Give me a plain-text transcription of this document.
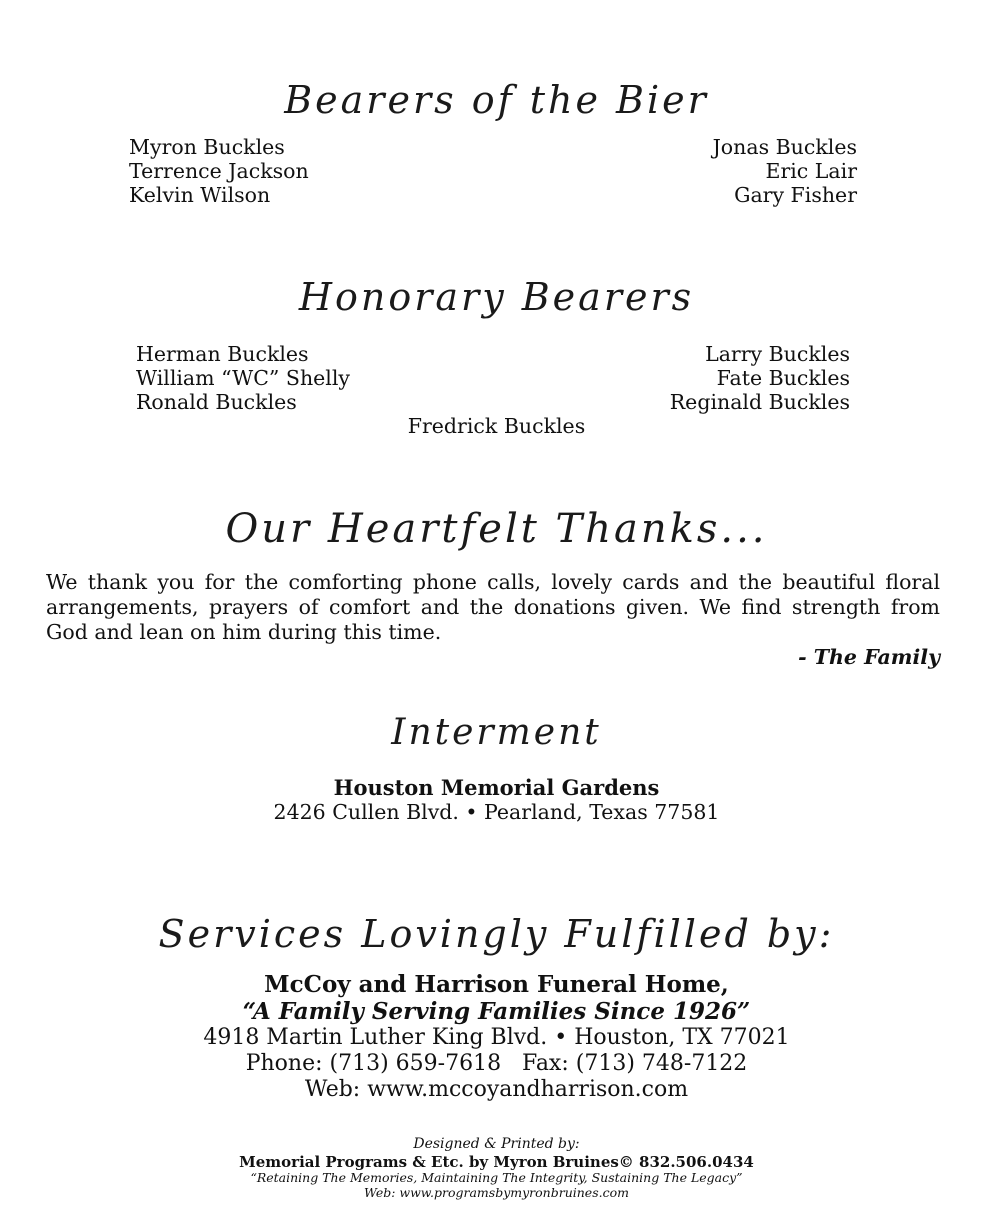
Bearers of the Bier
Myron Buckles
Terrence Jackson
Kelvin Wilson
Jonas Buckles
Eric Lair
Gary Fisher
Honorary Bearers
Herman Buckles
William “WC” Shelly
Ronald Buckles
Larry Buckles
Fate Buckles
Reginald Buckles
Fredrick Buckles
Our Heartfelt Thanks...
We thank you for the comforting phone calls, lovely cards and the beautiful floral arrangements, prayers of comfort and the donations given. We find strength from God and lean on him during this time.
- The Family
Interment
Houston Memorial Gardens
2426 Cullen Blvd. • Pearland, Texas 77581
Services Lovingly Fulfilled by:
McCoy and Harrison Funeral Home,
“A Family Serving Families Since 1926”
4918 Martin Luther King Blvd. • Houston, TX 77021
Phone: (713) 659-7618   Fax: (713) 748-7122
Web: www.mccoyandharrison.com
Designed & Printed by:
Memorial Programs & Etc. by Myron Bruines© 832.506.0434
“Retaining The Memories, Maintaining The Integrity, Sustaining The Legacy”
Web: www.programsbymyronbruines.com
